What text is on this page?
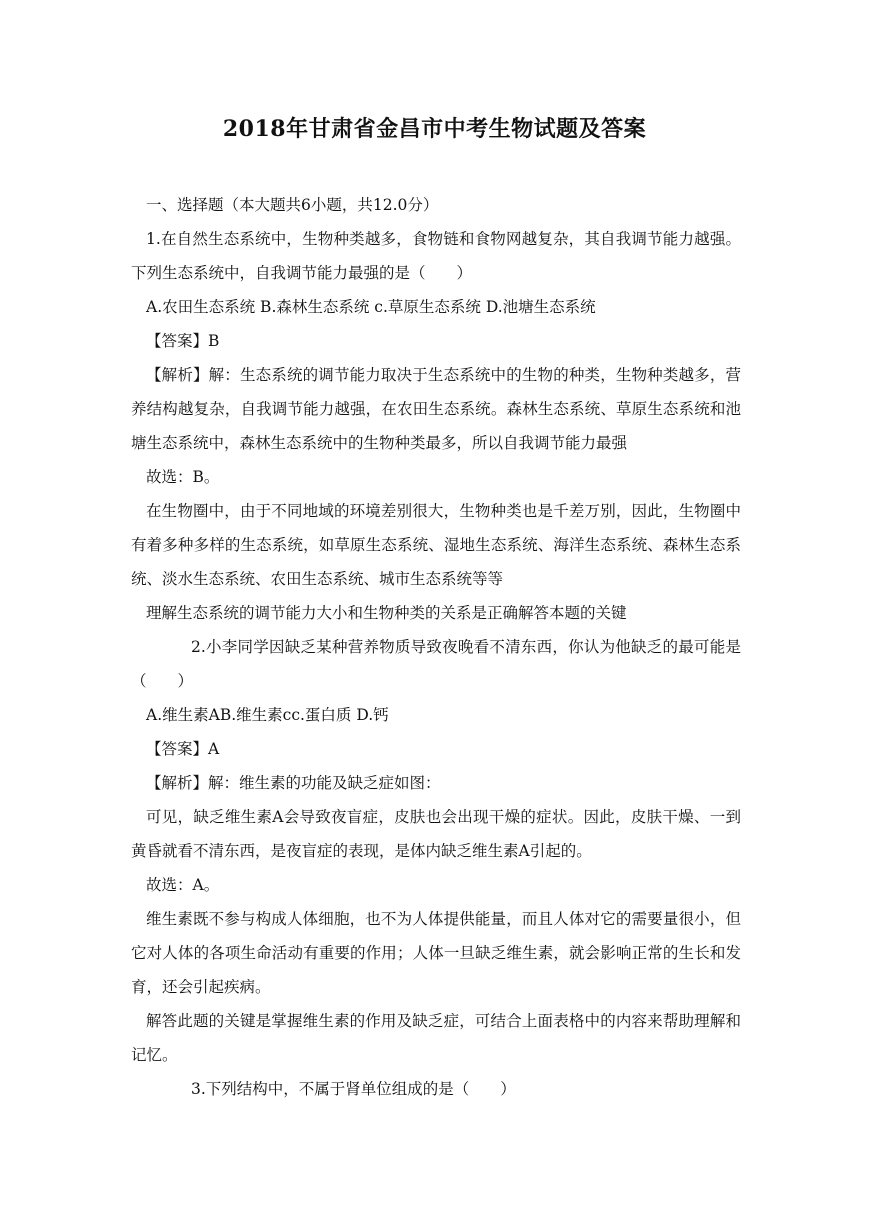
2018年甘肃省金昌市中考生物试题及答案

一、选择题（本大题共6小题，共12.0分）

1.在自然生态系统中，生物种类越多，食物链和食物网越复杂，其自我调节能力越强。下列生态系统中，自我调节能力最强的是（　　）

A.农田生态系统 B.森林生态系统 c.草原生态系统 D.池塘生态系统

【答案】B

【解析】解：生态系统的调节能力取决于生态系统中的生物的种类，生物种类越多，营养结构越复杂，自我调节能力越强，在农田生态系统。森林生态系统、草原生态系统和池塘生态系统中，森林生态系统中的生物种类最多，所以自我调节能力最强

故选：B。

在生物圈中，由于不同地域的环境差别很大，生物种类也是千差万别，因此，生物圈中有着多种多样的生态系统，如草原生态系统、湿地生态系统、海洋生态系统、森林生态系统、淡水生态系统、农田生态系统、城市生态系统等等

理解生态系统的调节能力大小和生物种类的关系是正确解答本题的关键

2.小李同学因缺乏某种营养物质导致夜晚看不清东西，你认为他缺乏的最可能是（　　）

A.维生素AB.维生素cc.蛋白质 D.钙

【答案】A

【解析】解：维生素的功能及缺乏症如图：

可见，缺乏维生素A会导致夜盲症，皮肤也会出现干燥的症状。因此，皮肤干燥、一到黄昏就看不清东西，是夜盲症的表现，是体内缺乏维生素A引起的。

故选：A。

维生素既不参与构成人体细胞，也不为人体提供能量，而且人体对它的需要量很小，但它对人体的各项生命活动有重要的作用；人体一旦缺乏维生素，就会影响正常的生长和发育，还会引起疾病。

解答此题的关键是掌握维生素的作用及缺乏症，可结合上面表格中的内容来帮助理解和记忆。

3.下列结构中，不属于肾单位组成的是（　　）
